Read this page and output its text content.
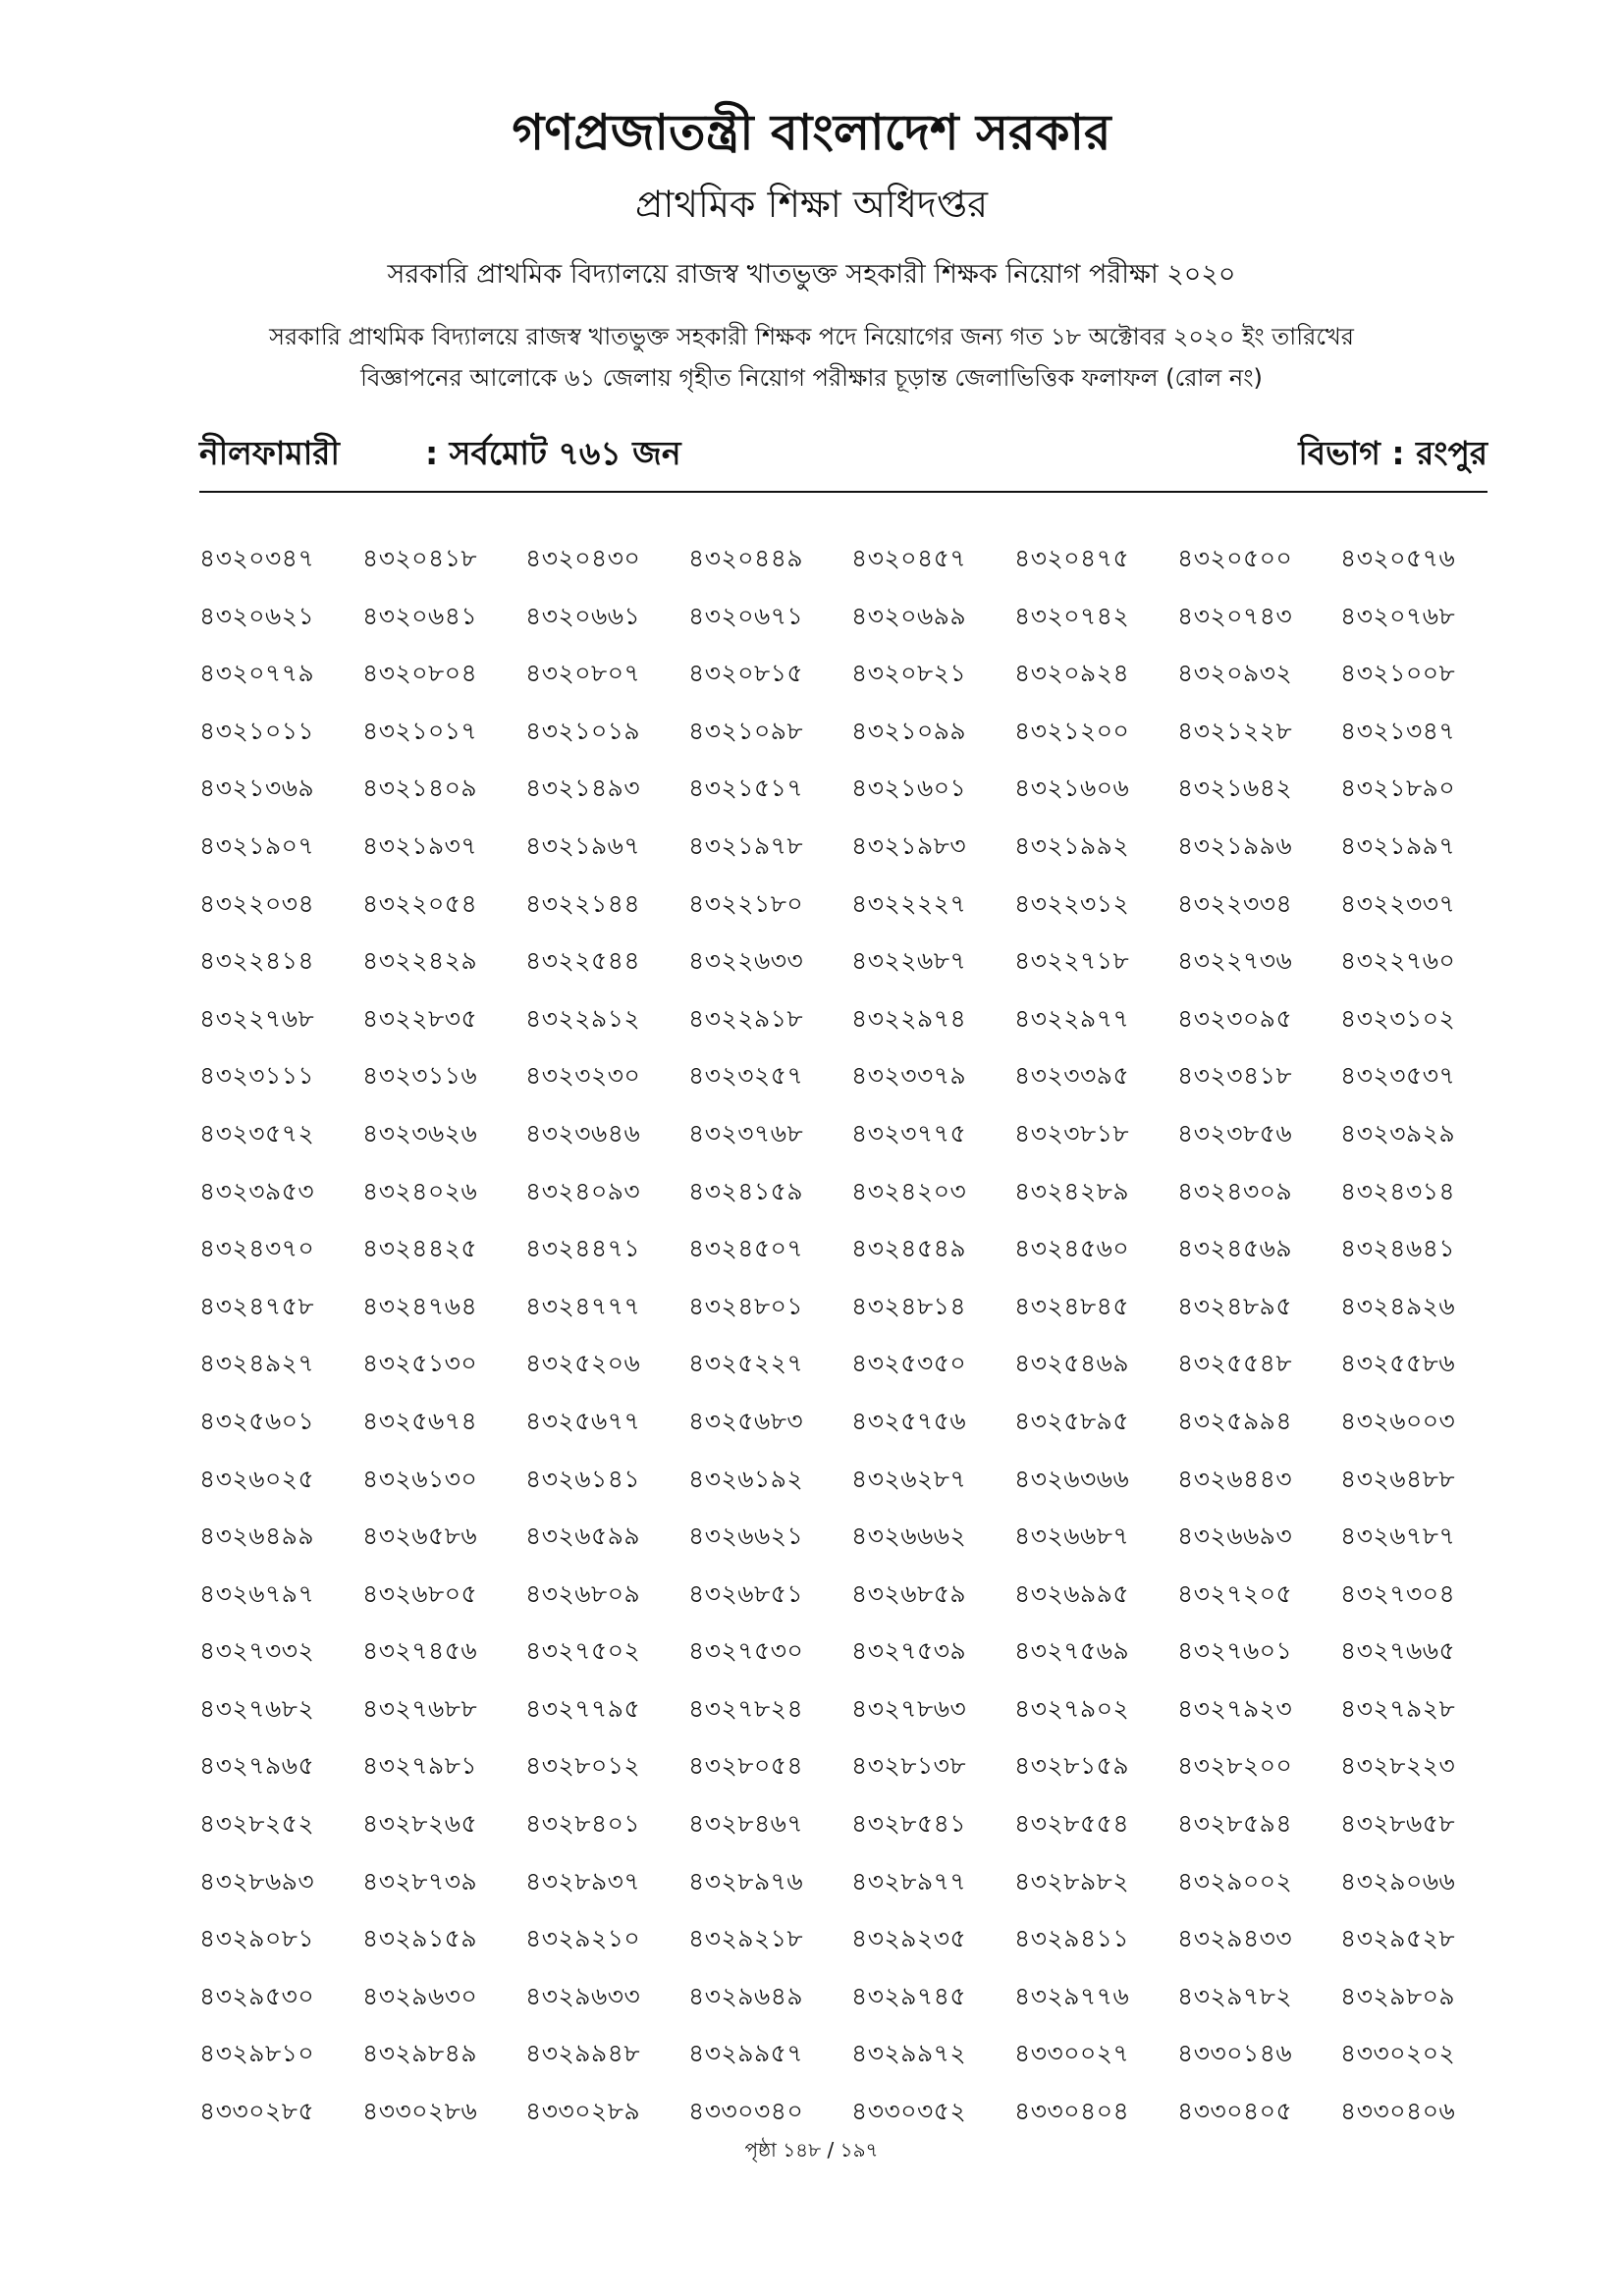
গণপ্রজাতন্ত্রী বাংলাদেশ সরকার
প্রাথমিক শিক্ষা অধিদপ্তর
সরকারি প্রাথমিক বিদ্যালয়ে রাজস্ব খাতভুক্ত সহকারী শিক্ষক নিয়োগ পরীক্ষা ২০২০
সরকারি প্রাথমিক বিদ্যালয়ে রাজস্ব খাতভুক্ত সহকারী শিক্ষক পদে নিয়োগের জন্য গত ১৮ অক্টোবর ২০২০ ইং তারিখের
বিজ্ঞাপনের আলোকে ৬১ জেলায় গৃহীত নিয়োগ পরীক্ষার চূড়ান্ত জেলাভিত্তিক ফলাফল (রোল নং)
নীলফামারী	: সর্বমোট ৭৬১ জন	বিভাগ : রংপুর
৪৩২০৩৪৭	৪৩২০৪১৮	৪৩২০৪৩০	৪৩২০৪৪৯	৪৩২০৪৫৭	৪৩২০৪৭৫	৪৩২০৫০০	৪৩২০৫৭৬
৪৩২০৬২১	৪৩২০৬৪১	৪৩২০৬৬১	৪৩২০৬৭১	৪৩২০৬৯৯	৪৩২০৭৪২	৪৩২০৭৪৩	৪৩২০৭৬৮
৪৩২০৭৭৯	৪৩২০৮০৪	৪৩২০৮০৭	৪৩২০৮১৫	৪৩২০৮২১	৪৩২০৯২৪	৪৩২০৯৩২	৪৩২১০০৮
৪৩২১০১১	৪৩২১০১৭	৪৩২১০১৯	৪৩২১০৯৮	৪৩২১০৯৯	৪৩২১২০০	৪৩২১২২৮	৪৩২১৩৪৭
৪৩২১৩৬৯	৪৩২১৪০৯	৪৩২১৪৯৩	৪৩২১৫১৭	৪৩২১৬০১	৪৩২১৬০৬	৪৩২১৬৪২	৪৩২১৮৯০
৪৩২১৯০৭	৪৩২১৯৩৭	৪৩২১৯৬৭	৪৩২১৯৭৮	৪৩২১৯৮৩	৪৩২১৯৯২	৪৩২১৯৯৬	৪৩২১৯৯৭
৪৩২২০৩৪	৪৩২২০৫৪	৪৩২২১৪৪	৪৩২২১৮০	৪৩২২২২৭	৪৩২২৩১২	৪৩২২৩৩৪	৪৩২২৩৩৭
৪৩২২৪১৪	৪৩২২৪২৯	৪৩২২৫৪৪	৪৩২২৬৩৩	৪৩২২৬৮৭	৪৩২২৭১৮	৪৩২২৭৩৬	৪৩২২৭৬০
৪৩২২৭৬৮	৪৩২২৮৩৫	৪৩২২৯১২	৪৩২২৯১৮	৪৩২২৯৭৪	৪৩২২৯৭৭	৪৩২৩০৯৫	৪৩২৩১০২
৪৩২৩১১১	৪৩২৩১১৬	৪৩২৩২৩০	৪৩২৩২৫৭	৪৩২৩৩৭৯	৪৩২৩৩৯৫	৪৩২৩৪১৮	৪৩২৩৫৩৭
৪৩২৩৫৭২	৪৩২৩৬২৬	৪৩২৩৬৪৬	৪৩২৩৭৬৮	৪৩২৩৭৭৫	৪৩২৩৮১৮	৪৩২৩৮৫৬	৪৩২৩৯২৯
৪৩২৩৯৫৩	৪৩২৪০২৬	৪৩২৪০৯৩	৪৩২৪১৫৯	৪৩২৪২০৩	৪৩২৪২৮৯	৪৩২৪৩০৯	৪৩২৪৩১৪
৪৩২৪৩৭০	৪৩২৪৪২৫	৪৩২৪৪৭১	৪৩২৪৫০৭	৪৩২৪৫৪৯	৪৩২৪৫৬০	৪৩২৪৫৬৯	৪৩২৪৬৪১
৪৩২৪৭৫৮	৪৩২৪৭৬৪	৪৩২৪৭৭৭	৪৩২৪৮০১	৪৩২৪৮১৪	৪৩২৪৮৪৫	৪৩২৪৮৯৫	৪৩২৪৯২৬
৪৩২৪৯২৭	৪৩২৫১৩০	৪৩২৫২০৬	৪৩২৫২২৭	৪৩২৫৩৫০	৪৩২৫৪৬৯	৪৩২৫৫৪৮	৪৩২৫৫৮৬
৪৩২৫৬০১	৪৩২৫৬৭৪	৪৩২৫৬৭৭	৪৩২৫৬৮৩	৪৩২৫৭৫৬	৪৩২৫৮৯৫	৪৩২৫৯৯৪	৪৩২৬০০৩
৪৩২৬০২৫	৪৩২৬১৩০	৪৩২৬১৪১	৪৩২৬১৯২	৪৩২৬২৮৭	৪৩২৬৩৬৬	৪৩২৬৪৪৩	৪৩২৬৪৮৮
৪৩২৬৪৯৯	৪৩২৬৫৮৬	৪৩২৬৫৯৯	৪৩২৬৬২১	৪৩২৬৬৬২	৪৩২৬৬৮৭	৪৩২৬৬৯৩	৪৩২৬৭৮৭
৪৩২৬৭৯৭	৪৩২৬৮০৫	৪৩২৬৮০৯	৪৩২৬৮৫১	৪৩২৬৮৫৯	৪৩২৬৯৯৫	৪৩২৭২০৫	৪৩২৭৩০৪
৪৩২৭৩৩২	৪৩২৭৪৫৬	৪৩২৭৫০২	৪৩২৭৫৩০	৪৩২৭৫৩৯	৪৩২৭৫৬৯	৪৩২৭৬০১	৪৩২৭৬৬৫
৪৩২৭৬৮২	৪৩২৭৬৮৮	৪৩২৭৭৯৫	৪৩২৭৮২৪	৪৩২৭৮৬৩	৪৩২৭৯০২	৪৩২৭৯২৩	৪৩২৭৯২৮
৪৩২৭৯৬৫	৪৩২৭৯৮১	৪৩২৮০১২	৪৩২৮০৫৪	৪৩২৮১৩৮	৪৩২৮১৫৯	৪৩২৮২০০	৪৩২৮২২৩
৪৩২৮২৫২	৪৩২৮২৬৫	৪৩২৮৪০১	৪৩২৮৪৬৭	৪৩২৮৫৪১	৪৩২৮৫৫৪	৪৩২৮৫৯৪	৪৩২৮৬৫৮
৪৩২৮৬৯৩	৪৩২৮৭৩৯	৪৩২৮৯৩৭	৪৩২৮৯৭৬	৪৩২৮৯৭৭	৪৩২৮৯৮২	৪৩২৯০০২	৪৩২৯০৬৬
৪৩২৯০৮১	৪৩২৯১৫৯	৪৩২৯২১০	৪৩২৯২১৮	৪৩২৯২৩৫	৪৩২৯৪১১	৪৩২৯৪৩৩	৪৩২৯৫২৮
৪৩২৯৫৩০	৪৩২৯৬৩০	৪৩২৯৬৩৩	৪৩২৯৬৪৯	৪৩২৯৭৪৫	৪৩২৯৭৭৬	৪৩২৯৭৮২	৪৩২৯৮০৯
৪৩২৯৮১০	৪৩২৯৮৪৯	৪৩২৯৯৪৮	৪৩২৯৯৫৭	৪৩২৯৯৭২	৪৩৩০০২৭	৪৩৩০১৪৬	৪৩৩০২০২
৪৩৩০২৮৫	৪৩৩০২৮৬	৪৩৩০২৮৯	৪৩৩০৩৪০	৪৩৩০৩৫২	৪৩৩০৪০৪	৪৩৩০৪০৫	৪৩৩০৪০৬
পৃষ্ঠা ১৪৮ / ১৯৭
